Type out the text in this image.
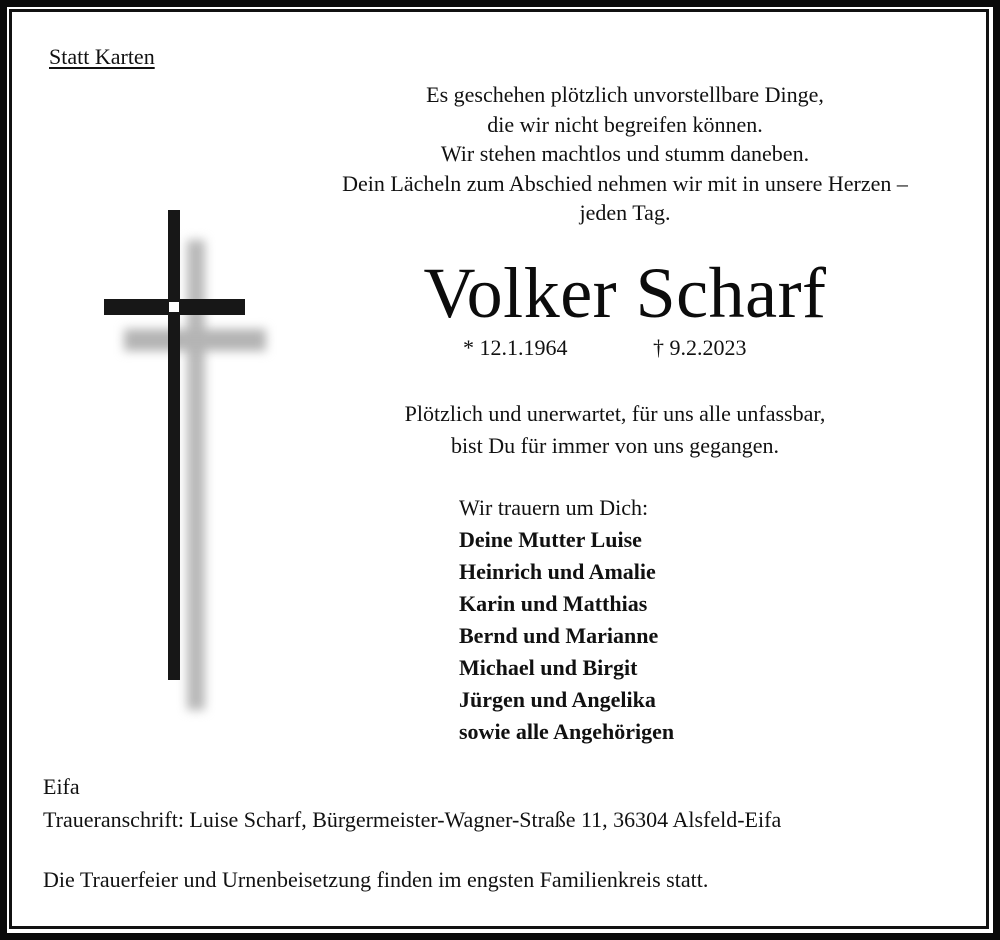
Statt Karten
Es geschehen plötzlich unvorstellbare Dinge,
die wir nicht begreifen können.
Wir stehen machtlos und stumm daneben.
Dein Lächeln zum Abschied nehmen wir mit in unsere Herzen –
jeden Tag.
Volker Scharf
* 12.1.1964	† 9.2.2023
Plötzlich und unerwartet, für uns alle unfassbar,
bist Du für immer von uns gegangen.
Wir trauern um Dich:
Deine Mutter Luise
Heinrich und Amalie
Karin und Matthias
Bernd und Marianne
Michael und Birgit
Jürgen und Angelika
sowie alle Angehörigen
Eifa
Traueranschrift: Luise Scharf, Bürgermeister-Wagner-Straße 11, 36304 Alsfeld-Eifa
Die Trauerfeier und Urnenbeisetzung finden im engsten Familienkreis statt.
